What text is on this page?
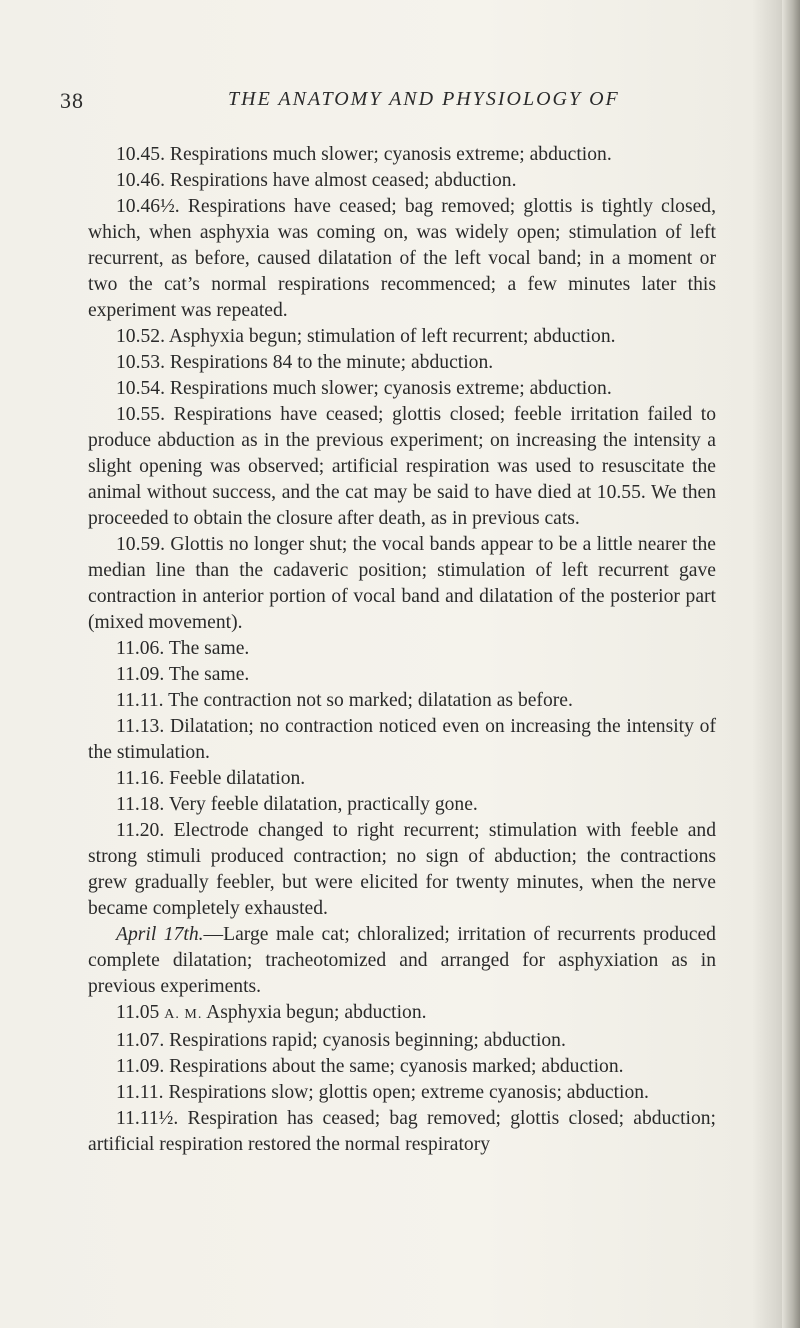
38	THE ANATOMY AND PHYSIOLOGY OF

10.45. Respirations much slower; cyanosis extreme; abduction.

10.46. Respirations have almost ceased; abduction.

10.46½. Respirations have ceased; bag removed; glottis is tightly closed, which, when asphyxia was coming on, was widely open; stimulation of left recurrent, as before, caused dilatation of the left vocal band; in a moment or two the cat’s normal respirations recommenced; a few minutes later this experiment was repeated.

10.52. Asphyxia begun; stimulation of left recurrent; abduction.

10.53. Respirations 84 to the minute; abduction.

10.54. Respirations much slower; cyanosis extreme; abduction.

10.55. Respirations have ceased; glottis closed; feeble irritation failed to produce abduction as in the previous experiment; on increasing the intensity a slight opening was observed; artificial respiration was used to resuscitate the animal without success, and the cat may be said to have died at 10.55. We then proceeded to obtain the closure after death, as in previous cats.

10.59. Glottis no longer shut; the vocal bands appear to be a little nearer the median line than the cadaveric position; stimulation of left recurrent gave contraction in anterior portion of vocal band and dilatation of the posterior part (mixed movement).

11.06. The same.

11.09. The same.

11.11. The contraction not so marked; dilatation as before.

11.13. Dilatation; no contraction noticed even on increasing the intensity of the stimulation.

11.16. Feeble dilatation.

11.18. Very feeble dilatation, practically gone.

11.20. Electrode changed to right recurrent; stimulation with feeble and strong stimuli produced contraction; no sign of abduction; the contractions grew gradually feebler, but were elicited for twenty minutes, when the nerve became completely exhausted.

April 17th.—Large male cat; chloralized; irritation of recurrents produced complete dilatation; tracheotomized and arranged for asphyxiation as in previous experiments.

11.05 A. M. Asphyxia begun; abduction.

11.07. Respirations rapid; cyanosis beginning; abduction.

11.09. Respirations about the same; cyanosis marked; abduction.

11.11. Respirations slow; glottis open; extreme cyanosis; abduction.

11.11½. Respiration has ceased; bag removed; glottis closed; abduction; artificial respiration restored the normal respiratory
